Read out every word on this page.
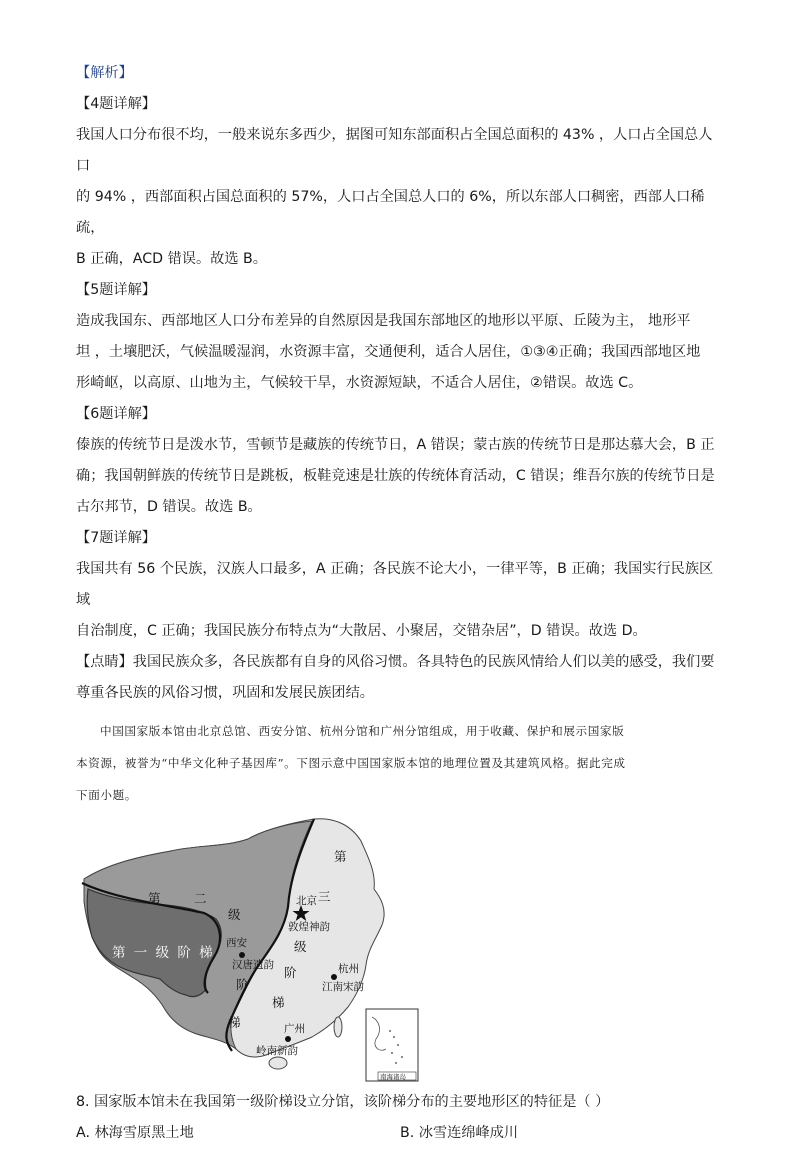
【解析】
【4题详解】

我国人口分布很不均，一般来说东多西少，据图可知东部面积占全国总面积的 43% ，人口占全国总人口

的 94% ，西部面积占国总面积的 57%，人口占全国总人口的 6%，所以东部人口稠密，西部人口稀疏，

B 正确，ACD 错误。故选 B。

【5题详解】

造成我国东、西部地区人口分布差异的自然原因是我国东部地区的地形以平原、丘陵为主， 地形平

坦 ，土壤肥沃，气候温暖湿润，水资源丰富，交通便利，适合人居住，①③④正确；我国西部地区地

形崎岖，以高原、山地为主，气候较干旱，水资源短缺，不适合人居住，②错误。故选 C。

【6题详解】

傣族的传统节日是泼水节，雪顿节是藏族的传统节日，A 错误；蒙古族的传统节日是那达慕大会，B 正

确；我国朝鲜族的传统节日是跳板，板鞋竞速是壮族的传统体育活动，C 错误；维吾尔族的传统节日是

古尔邦节，D 错误。故选 B。

【7题详解】

我国共有 56 个民族，汉族人口最多，A 正确；各民族不论大小，一律平等，B 正确；我国实行民族区域

自治制度，C 正确；我国民族分布特点为“大散居、小聚居，交错杂居”，D 错误。故选 D。

【点睛】我国民族众多，各民族都有自身的风俗习惯。各具特色的民族风情给人们以美的感受，我们要

尊重各民族的风俗习惯，巩固和发展民族团结。

中国国家版本馆由北京总馆、西安分馆、杭州分馆和广州分馆组成，用于收藏、保护和展示国家版

本资源，被誉为“中华文化种子基因库”。下图示意中国国家版本馆的地理位置及其建筑风格。据此完成

下面小题。

第 一 级 阶 梯
第	二
级
阶
梯
第
三
级
阶
梯
北京
敦煌神韵
西安
汉唐遗韵	杭州
江南宋韵
广州
岭南新韵
南海诸岛

8. 国家版本馆未在我国第一级阶梯设立分馆，该阶梯分布的主要地形区的特征是（ ）

A. 林海雪原黑土地	B. 冰雪连绵峰成川
